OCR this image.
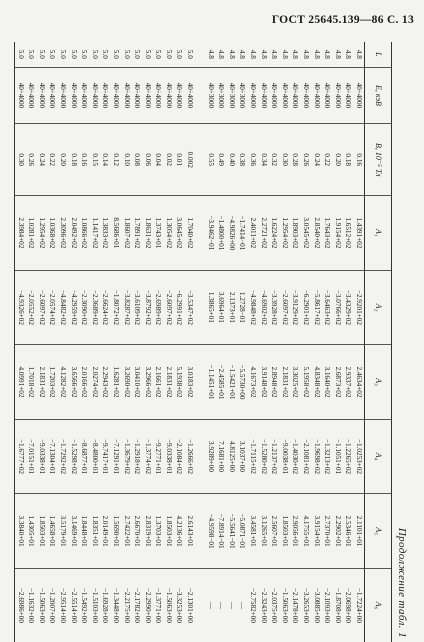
ГОСТ 25645.139—86 С. 13
Продолжение табл. 1
L	E, кэВ	B, 10⁻⁵ Тл	A₁	A₂	A₃	A₄	A₅	A₆
4.8	40÷4000	0.16	1.4391+02	−2.9201+02	2.4634+02	−1.0253+02	2.1101+01	−1.7224+00
4.8	40÷4000	0.18	1.6512+02	−3.4329+02	2.9337+02	−1.2265+02	2.5346+01	−2.0698+00
4.8	40÷4000	0.20	1.9154+02	−3.0766+02	2.6873+02	−1.1051+01	2.2902+01	−1.8708+00
4.8	40÷4000	0.22	1.7643+02	−3.6463+02	3.1640+02	−1.3213+02	2.7370+01	−2.1093+00
4.8	40÷4000	0.24	2.8540+02	−5.8617+02	4.8348+02	−1.9698+02	3.9154+01	−3.0885+00
4.8	40÷4000	0.26	3.0545+02	−6.2901+02	5.1958+02	−2.1081+02	4.1755+01	−3.2653+00
4.8	40÷4000	0.28	1.8903+02	−3.9129+02	3.3025+02	−1.4030+02	2.9056+01	−2.1478+00
4.8	40÷4000	0.30	1.2954+02	−2.6097+02	2.1831+02	−9.0038+01	1.8503+01	−1.5063+00
4.8	40÷4000	0.32	1.6224+02	−3.3928+02	2.8948+02	−1.2137+02	2.5607+01	−2.0375+00
4.8	40÷4000	0.34	2.2721+02	−4.6902+02	3.9148+02	−1.5280+02	3.1265+01	−2.3243+00
4.8	40÷4000	0.36	2.4011+02	−4.9848+02	4.1673+02	−1.7115+02	3.4581+01	−2.7582+00
4.8	40÷3000	0.38	−1.7414−01	1.2728−01	−5.5730+00	3.1037+00	−5.0871−01	—
4.8	40÷3000	0.40	−4.9826+00	2.1373+01	−1.5421+01	4.8125+00	−5.5641−01	—
4.8	40÷3000	0.49	−1.4800+01	3.6964+01	−2.4585+01	7.1681+00	−7.8914−01	—
4.8	40÷3000	0.55	−3.9462−01	1.3865+01	−1.1451+01	3.9289+00	−4.9598−01	—

5.0	40÷4000	0.002	1.7040+02	−3.5347+02	3.0183+02	−1.2666+02	2.6143+01	−2.1301+00
5.0	40÷4000	0.01	3.0645+02	−6.2991+02	5.1938+02	−2.1084+02	4.2136+01	−3.3253+00
5.0	40÷4000	0.02	1.3054+02	−2.6097+02	2.1831+02	−9.0338+01	1.8503+01	−1.5063+00
5.0	40÷4000	0.04	1.3743+01	−2.6989+02	2.1661+02	−9.2771+01	1.3703+01	−1.3771+00
5.0	40÷4000	0.06	1.8631+02	−3.8792+02	3.2966+02	−1.3774+02	2.8319+01	−2.2990+00
5.0	40÷4000	0.08	1.7891+02	−3.6109+02	3.0410+02	−1.2918+02	2.6670+01	−2.1782+00
5.0	40÷4000	0.10	1.8607+02	−3.8287+02	3.2690+02	−1.3679+02	2.7422+01	−2.2175+00
5.0	40÷4000	0.12	8.5686+01	−1.8072+02	1.6281+02	−7.1291+01	1.5690+01	−1.3448+00
5.0	40÷4000	0.14	1.3833+02	−2.6624+02	2.2943+02	−9.7417+01	2.0149+01	−1.6928+00
5.0	40÷4000	0.15	1.1417+02	−2.3689+02	2.0274+02	−8.4800+01	1.8351+01	−1.5103+00
5.0	40÷4000	0.16	1.0866+02	−2.3090+02	2.0166+02	−8.6877+01	1.8448+01	−1.5492+00
5.0	40÷4000	0.18	2.0492+02	−4.2959+02	3.6566+02	−1.5298+02	3.1469+01	−2.5514+00
5.0	40÷4000	0.20	2.3096+02	−4.8482+02	4.1282+02	−1.7292+02	3.5179+01	−2.9514+00
5.0	40÷4000	0.22	1.0368+02	−2.0574+02	1.7203+02	−7.1304+01	1.4658+01	−1.2007+00
5.0	40÷4000	0.24	1.2954+02	−2.6097+02	2.1831+02	−9.0338+01	1.8503+01	−1.5063+00
5.0	40÷4000	0.26	1.0281+02	−2.0552+02	1.7018+02	−7.0151+01	1.4305+01	−1.1632+00
5.0	40÷4000	0.30	2.3984+02	−4.9326+02	4.0991+02	−1.6777+02	3.3840+01	−2.6986+00
